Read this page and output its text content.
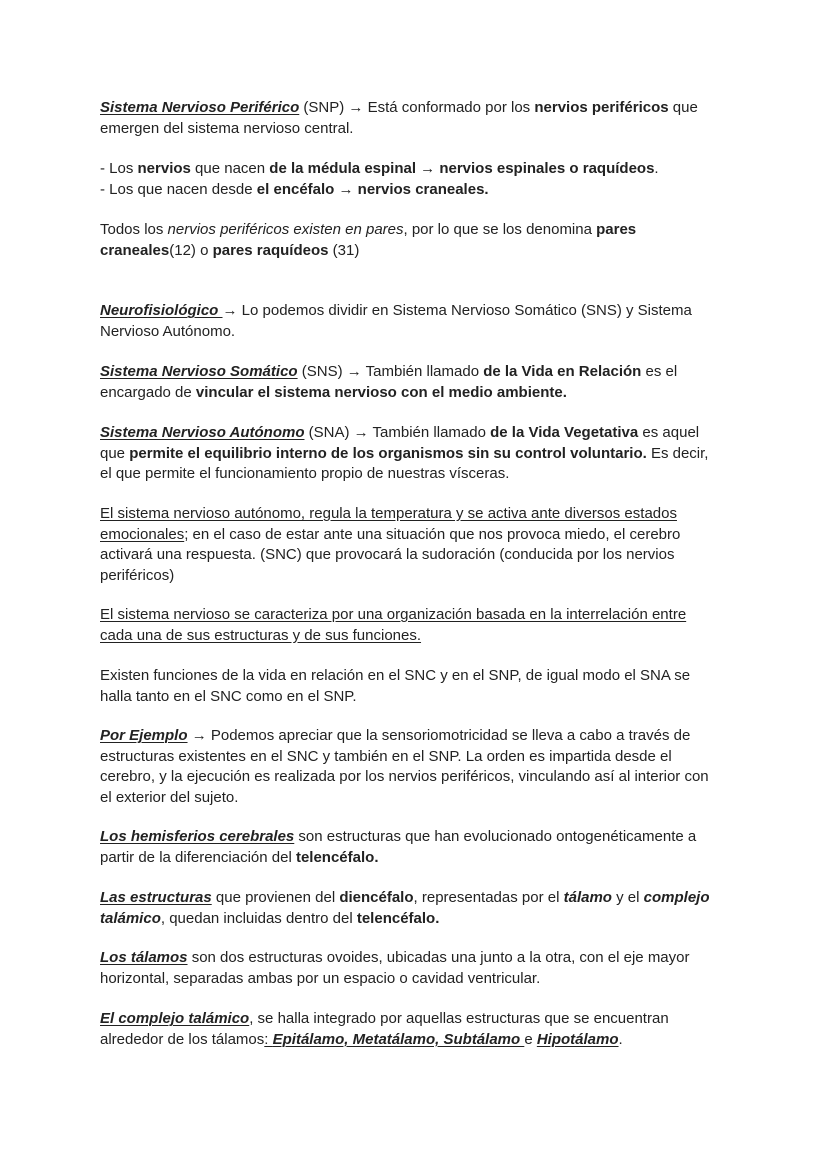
Sistema Nervioso Periférico (SNP) → Está conformado por los nervios periféricos que
emergen del sistema nervioso central.

- Los nervios que nacen de la médula espinal → nervios espinales o raquídeos.
- Los que nacen desde el encéfalo → nervios craneales.

Todos los nervios periféricos existen en pares, por lo que se los denomina pares
craneales(12) o pares raquídeos (31)

Neurofisiológico → Lo podemos dividir en Sistema Nervioso Somático (SNS) y Sistema
Nervioso Autónomo.

Sistema Nervioso Somático (SNS) → También llamado de la Vida en Relación es el
encargado de vincular el sistema nervioso con el medio ambiente.

Sistema Nervioso Autónomo (SNA) → También llamado de la Vida Vegetativa es aquel
que permite el equilibrio interno de los organismos sin su control voluntario. Es decir,
el que permite el funcionamiento propio de nuestras vísceras.

El sistema nervioso autónomo, regula la temperatura y se activa ante diversos estados
emocionales; en el caso de estar ante una situación que nos provoca miedo, el cerebro
activará una respuesta. (SNC) que provocará la sudoración (conducida por los nervios
periféricos)

El sistema nervioso se caracteriza por una organización basada en la interrelación entre
cada una de sus estructuras y de sus funciones.

Existen funciones de la vida en relación en el SNC y en el SNP, de igual modo el SNA se
halla tanto en el SNC como en el SNP.

Por Ejemplo → Podemos apreciar que la sensoriomotricidad se lleva a cabo a través de
estructuras existentes en el SNC y también en el SNP. La orden es impartida desde el
cerebro, y la ejecución es realizada por los nervios periféricos, vinculando así al interior con
el exterior del sujeto.

Los hemisferios cerebrales son estructuras que han evolucionado ontogenéticamente a
partir de la diferenciación del telencéfalo.

Las estructuras que provienen del diencéfalo, representadas por el tálamo y el complejo
talámico, quedan incluidas dentro del telencéfalo.

Los tálamos son dos estructuras ovoides, ubicadas una junto a la otra, con el eje mayor
horizontal, separadas ambas por un espacio o cavidad ventricular.

El complejo talámico, se halla integrado por aquellas estructuras que se encuentran
alrededor de los tálamos: Epitálamo, Metatálamo, Subtálamo e Hipotálamo.
